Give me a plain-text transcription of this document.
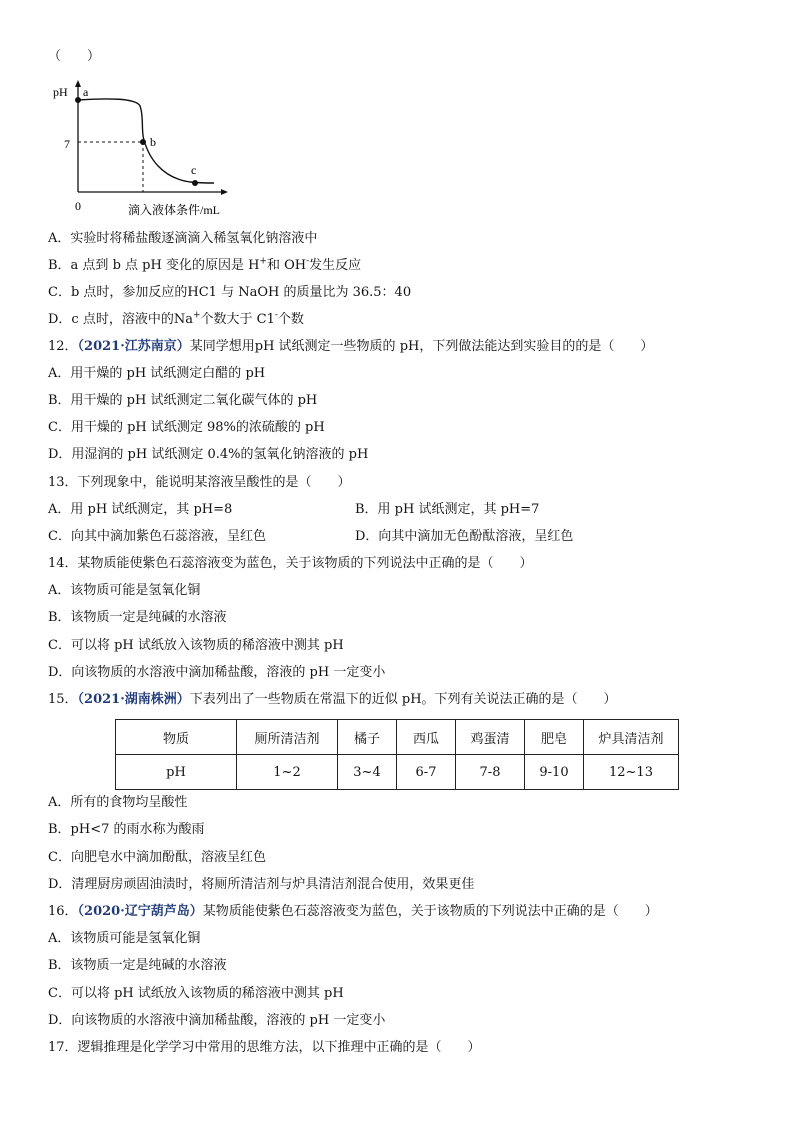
（　　）
pH a
b
c
7
0	滴入液体条件/mL
A．实验时将稀盐酸逐滴滴入稀氢氧化钠溶液中
B．a 点到 b 点 pH 变化的原因是 H+和 OH-发生反应
C．b 点时，参加反应的HC1 与 NaOH 的质量比为 36.5：40
D．c 点时，溶液中的Na+个数大于 C1-个数
12．（2021·江苏南京）某同学想用pH 试纸测定一些物质的 pH，下列做法能达到实验目的的是（　　）
A．用干燥的 pH 试纸测定白醋的 pH
B．用干燥的 pH 试纸测定二氧化碳气体的 pH
C．用干燥的 pH 试纸测定 98%的浓硫酸的 pH
D．用湿润的 pH 试纸测定 0.4%的氢氧化钠溶液的 pH
13．下列现象中，能说明某溶液呈酸性的是（　　）
A．用 pH 试纸测定，其 pH=8	B．用 pH 试纸测定，其 pH=7
C．向其中滴加紫色石蕊溶液，呈红色	D．向其中滴加无色酚酞溶液，呈红色
14．某物质能使紫色石蕊溶液变为蓝色，关于该物质的下列说法中正确的是（　　）
A．该物质可能是氢氧化铜
B．该物质一定是纯碱的水溶液
C．可以将 pH 试纸放入该物质的稀溶液中测其 pH
D．向该物质的水溶液中滴加稀盐酸，溶液的 pH 一定变小
15．（2021·湖南株洲）下表列出了一些物质在常温下的近似 pH。下列有关说法正确的是（　　）
物质	厕所清洁剂	橘子	西瓜	鸡蛋清	肥皂	炉具清洁剂
pH	1~2	3~4	6-7	7-8	9-10	12~13
A．所有的食物均呈酸性
B．pH<7 的雨水称为酸雨
C．向肥皂水中滴加酚酞，溶液呈红色
D．清理厨房顽固油渍时，将厕所清洁剂与炉具清洁剂混合使用，效果更佳
16．（2020·辽宁葫芦岛）某物质能使紫色石蕊溶液变为蓝色，关于该物质的下列说法中正确的是（　　）
A．该物质可能是氢氧化铜
B．该物质一定是纯碱的水溶液
C．可以将 pH 试纸放入该物质的稀溶液中测其 pH
D．向该物质的水溶液中滴加稀盐酸，溶液的 pH 一定变小
17．逻辑推理是化学学习中常用的思维方法，以下推理中正确的是（　　）
